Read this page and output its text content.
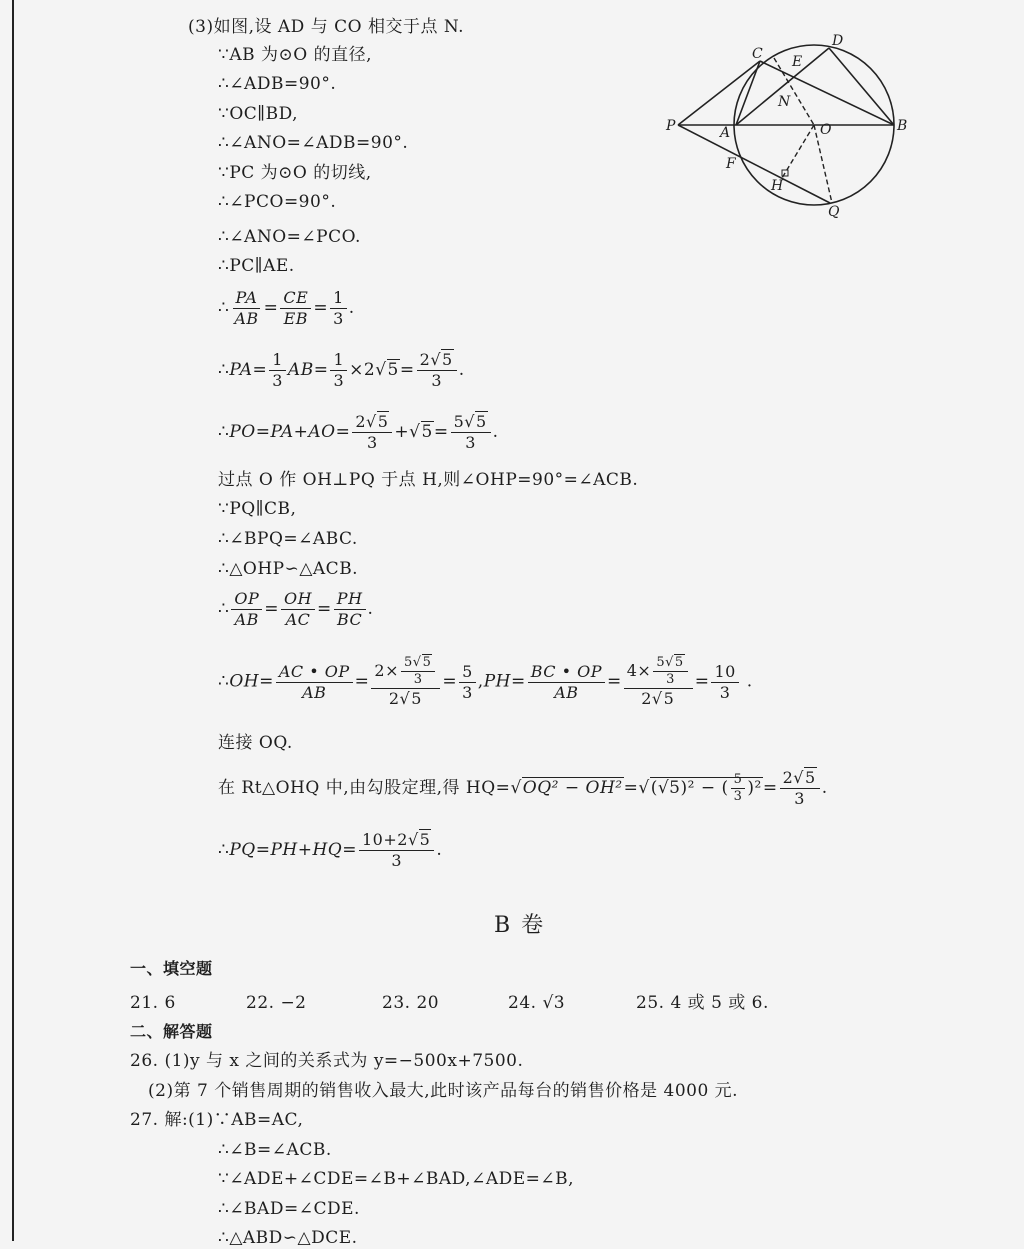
P	A	O	B
C
D
E
N
F
H
Q
(3)如图,设 AD 与 CO 相交于点 N.
∵AB 为⊙O 的直径,
∴∠ADB=90°.
∵OC∥BD,
∴∠ANO=∠ADB=90°.
∵PC 为⊙O 的切线,
∴∠PCO=90°.
∴∠ANO=∠PCO.
∴PC∥AE.
∴ $\frac{PA}{AB} = \frac{CE}{EB} = \frac{1}{3}$ .
∴PA= $\frac{1}{3} AB= \frac{1}{3} \times 2√5= \frac{2√5}{3}$ .
∴PO=PA+AO= $\frac{2√5}{3} +√5= \frac{5√5}{3}$ .
过点 O 作 OH⊥PQ 于点 H,则∠OHP=90°=∠ACB.
∵PQ∥CB,
∴∠BPQ=∠ABC.
∴△OHP∽△ACB.
∴ $\frac{OP}{AB} = \frac{OH}{AC} = \frac{PH}{BC}$ .
∴OH= $\frac{AC • OP}{AB} = \frac{2\times \frac{5√5}{3}}{2√5} = \frac{5}{3} ,PH= \frac{BC • OP}{AB} = \frac{4\times \frac{5√5}{3}}{2√5} = \frac{10}{3}$ .
连接 OQ.
在 Rt△OHQ 中,由勾股定理,得 HQ=√OQ² − OH²=√(√5)² − ( $\frac{5}{3} )^2= \frac{2√5}{3}$ .
∴PQ=PH+HQ= $\frac{10+2√5}{3}$ .
B 卷
一、填空题
21. 6	22. −2	23. 20	24. √3	25. 4 或 5 或 6.
二、解答题
26. (1)y 与 x 之间的关系式为 y=−500x+7500.
(2)第 7 个销售周期的销售收入最大,此时该产品每台的销售价格是 4000 元.
27. 解:(1)∵AB=AC,
∴∠B=∠ACB.
∵∠ADE+∠CDE=∠B+∠BAD,∠ADE=∠B,
∴∠BAD=∠CDE.
∴△ABD∽△DCE.
